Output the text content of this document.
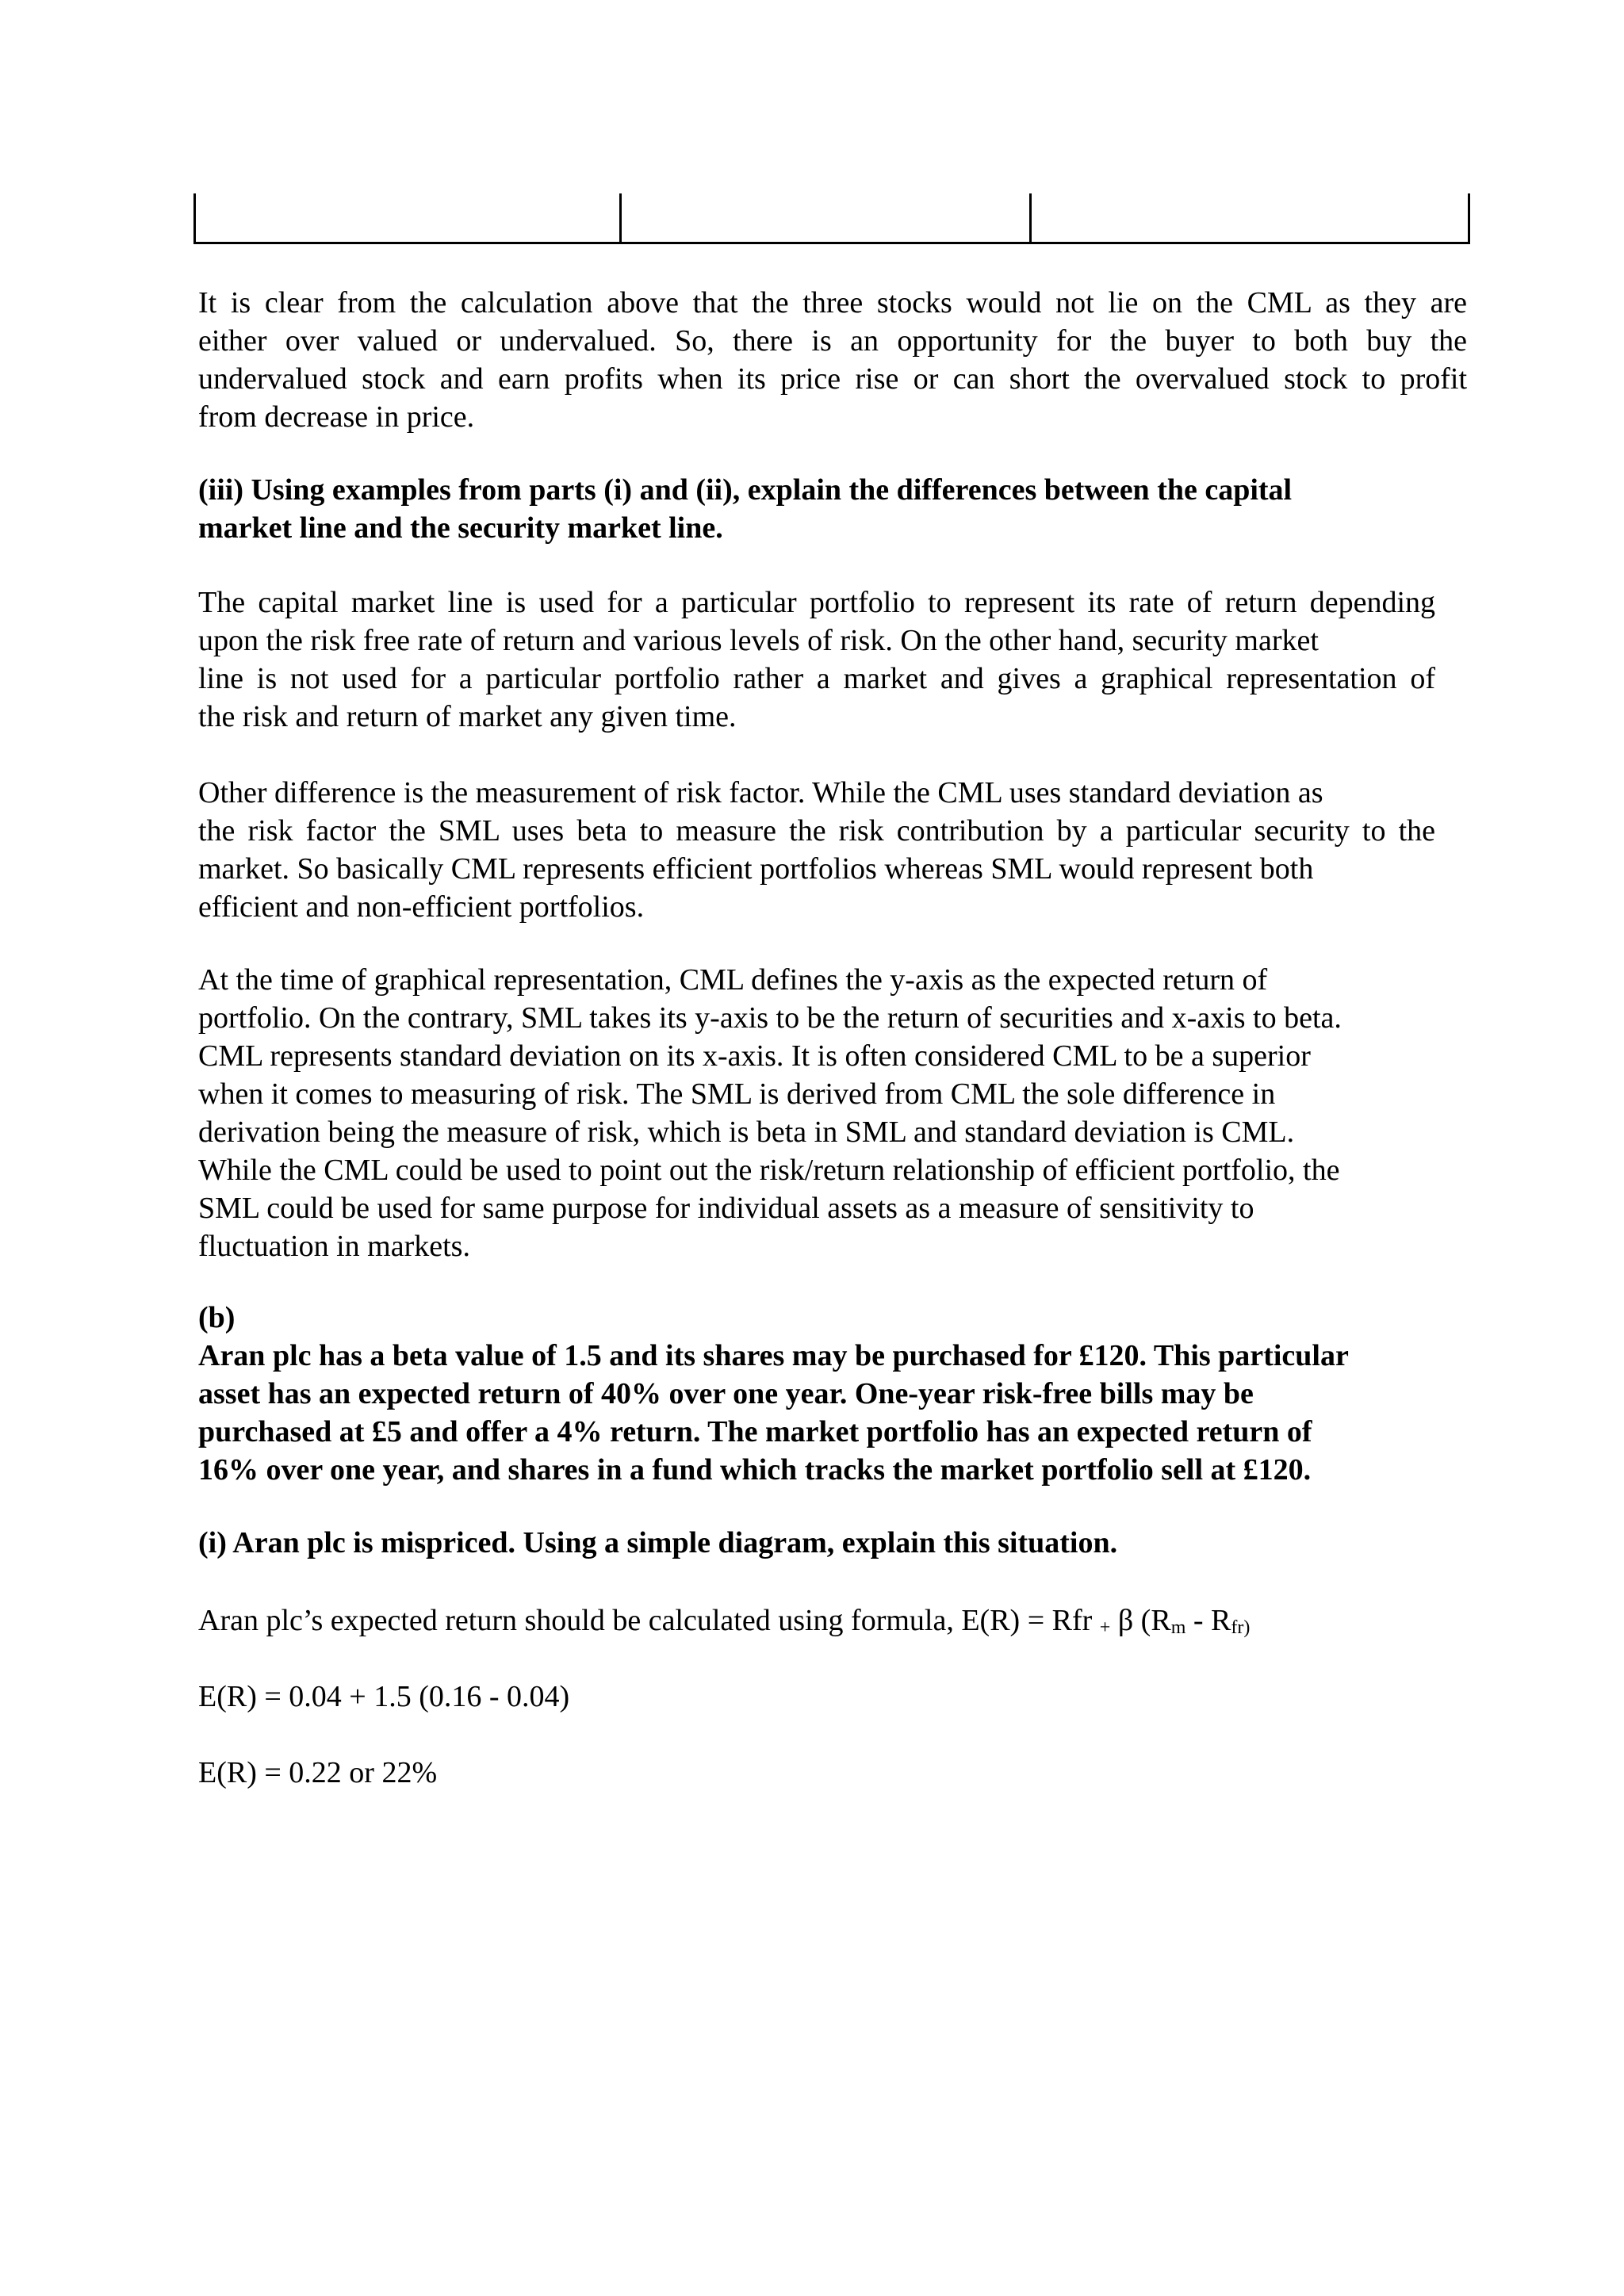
It is clear from the calculation above that the three stocks would not lie on the CML as they are
either over valued or undervalued. So, there is an opportunity for the buyer to both buy the
undervalued stock and earn profits when its price rise or can short the overvalued stock to profit
from decrease in price.
(iii) Using examples from parts (i) and (ii), explain the differences between the capital
market line and the security market line.
The capital market line is used for a particular portfolio to represent its rate of return depending
upon the risk free rate of return and various levels of risk. On the other hand, security market
line is not used for a particular portfolio rather a market and gives a graphical representation of
the risk and return of market any given time.
Other difference is the measurement of risk factor. While the CML uses standard deviation as
the risk factor the SML uses beta to measure the risk contribution by a particular security to the
market. So basically CML represents efficient portfolios whereas SML would represent both
efficient and non-efficient portfolios.
At the time of graphical representation, CML defines the y-axis as the expected return of
portfolio. On the contrary, SML takes its y-axis to be the return of securities and x-axis to beta.
CML represents standard deviation on its x-axis. It is often considered CML to be a superior
when it comes to measuring of risk. The SML is derived from CML the sole difference in
derivation being the measure of risk, which is beta in SML and standard deviation is CML.
While the CML could be used to point out the risk/return relationship of efficient portfolio, the
SML could be used for same purpose for individual assets as a measure of sensitivity to
fluctuation in markets.
(b)
Aran plc has a beta value of 1.5 and its shares may be purchased for £120. This particular
asset has an expected return of 40% over one year. One-year risk-free bills may be
purchased at £5 and offer a 4% return. The market portfolio has an expected return of
16% over one year, and shares in a fund which tracks the market portfolio sell at £120.
(i) Aran plc is mispriced. Using a simple diagram, explain this situation.
Aran plc’s expected return should be calculated using formula, E(R) = Rfr $_+$ β ($R_m - R_{fr)}$
E(R) = 0.04 + 1.5 (0.16 - 0.04)
E(R) = 0.22 or 22%
